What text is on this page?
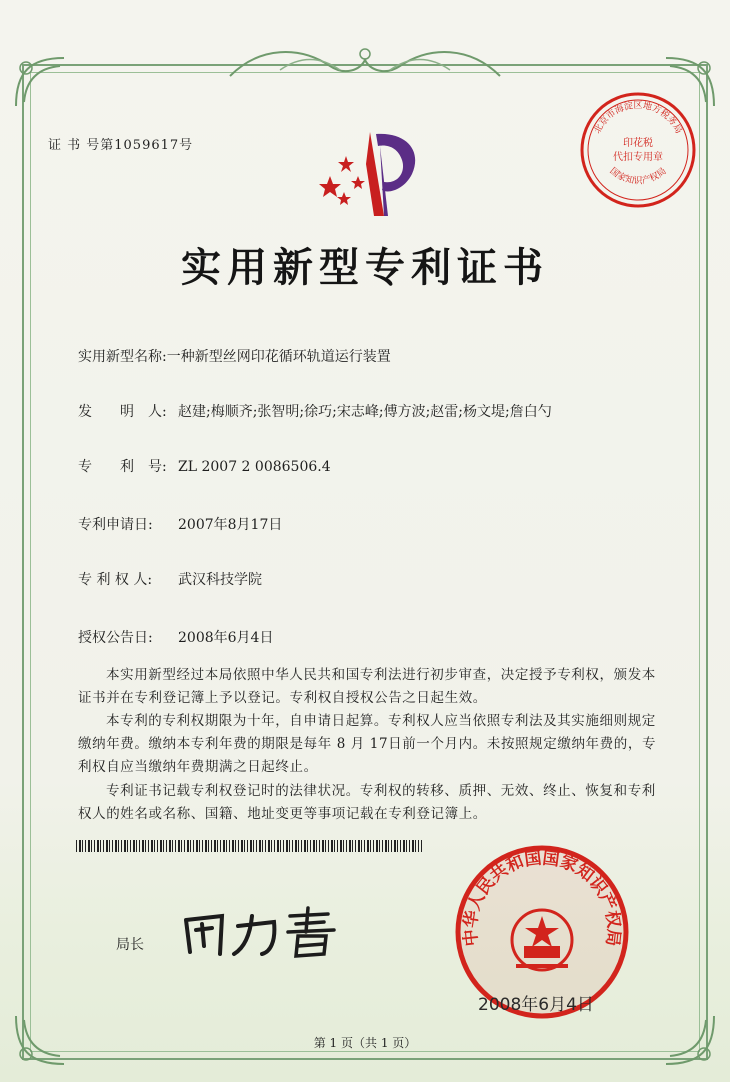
证 书 号第1059617号	印花税
代扣专用章
北京市海淀区地方税务局
国家知识产权局
实用新型专利证书
实用新型名称:一种新型丝网印花循环轨道运行装置
发　　明　人: 赵建;梅顺齐;张智明;徐巧;宋志峰;傅方波;赵雷;杨文堤;詹白勺
专　　利　号: ZL 2007 2 0086506.4
专利申请日: 2007年8月17日
专 利 权 人: 武汉科技学院
授权公告日: 2008年6月4日
本实用新型经过本局依照中华人民共和国专利法进行初步审查，决定授予专利权，颁发本证书并在专利登记簿上予以登记。专利权自授权公告之日起生效。
本专利的专利权期限为十年，自申请日起算。专利权人应当依照专利法及其实施细则规定缴纳年费。缴纳本专利年费的期限是每年 8 月 17日前一个月内。未按照规定缴纳年费的，专利权自应当缴纳年费期满之日起终止。
专利证书记载专利权登记时的法律状况。专利权的转移、质押、无效、终止、恢复和专利权人的姓名或名称、国籍、地址变更等事项记载在专利登记簿上。
局长	中华人民共和国国家知识产权局
2008年6月4日
第 1 页（共 1 页）
